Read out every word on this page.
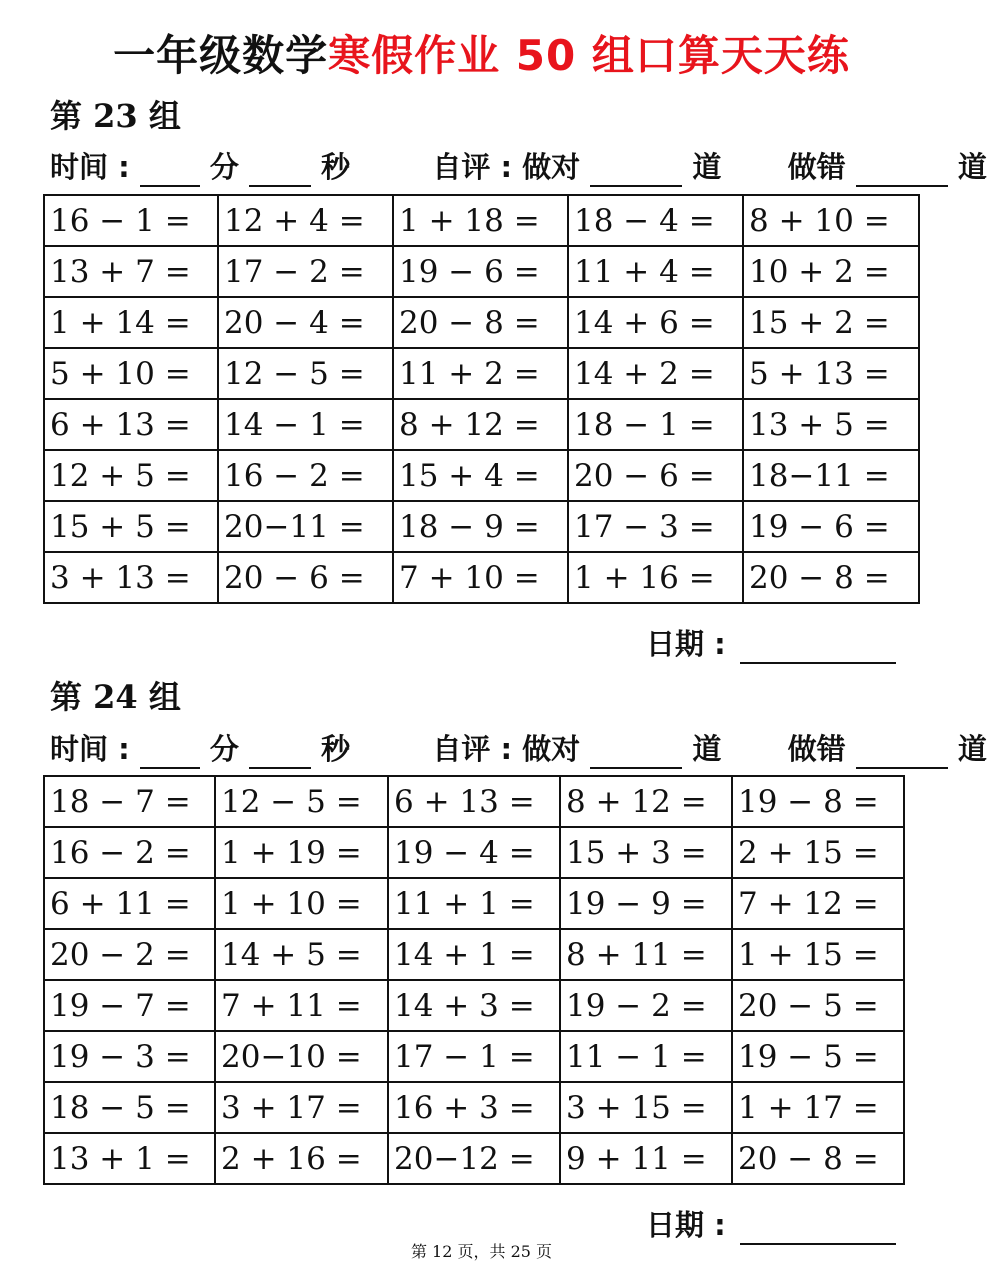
一年级数学寒假作业 50 组口算天天练
第 23 组
时间 :	分	秒	自评 : 做对	道 做错	道
16 − 1 =	12 + 4 =	1 + 18 =	18 − 4 =	8 + 10 =
13 + 7 =	17 − 2 =	19 − 6 =	11 + 4 =	10 + 2 =
1 + 14 =	20 − 4 =	20 − 8 =	14 + 6 =	15 + 2 =
5 + 10 =	12 − 5 =	11 + 2 =	14 + 2 =	5 + 13 =
6 + 13 =	14 − 1 =	8 + 12 =	18 − 1 =	13 + 5 =
12 + 5 =	16 − 2 =	15 + 4 =	20 − 6 =	18−11 =
15 + 5 =	20−11 =	18 − 9 =	17 − 3 =	19 − 6 =
3 + 13 =	20 − 6 =	7 + 10 =	1 + 16 =	20 − 8 =
日期 :
第 24 组
时间 :	分	秒	自评 : 做对	道 做错	道
18 − 7 =	12 − 5 =	6 + 13 =	8 + 12 =	19 − 8 =
16 − 2 =	1 + 19 =	19 − 4 =	15 + 3 =	2 + 15 =
6 + 11 =	1 + 10 =	11 + 1 =	19 − 9 =	7 + 12 =
20 − 2 =	14 + 5 =	14 + 1 =	8 + 11 =	1 + 15 =
19 − 7 =	7 + 11 =	14 + 3 =	19 − 2 =	20 − 5 =
19 − 3 =	20−10 =	17 − 1 =	11 − 1 =	19 − 5 =
18 − 5 =	3 + 17 =	16 + 3 =	3 + 15 =	1 + 17 =
13 + 1 =	2 + 16 =	20−12 =	9 + 11 =	20 − 8 =
日期 :
第 12 页，共 25 页
